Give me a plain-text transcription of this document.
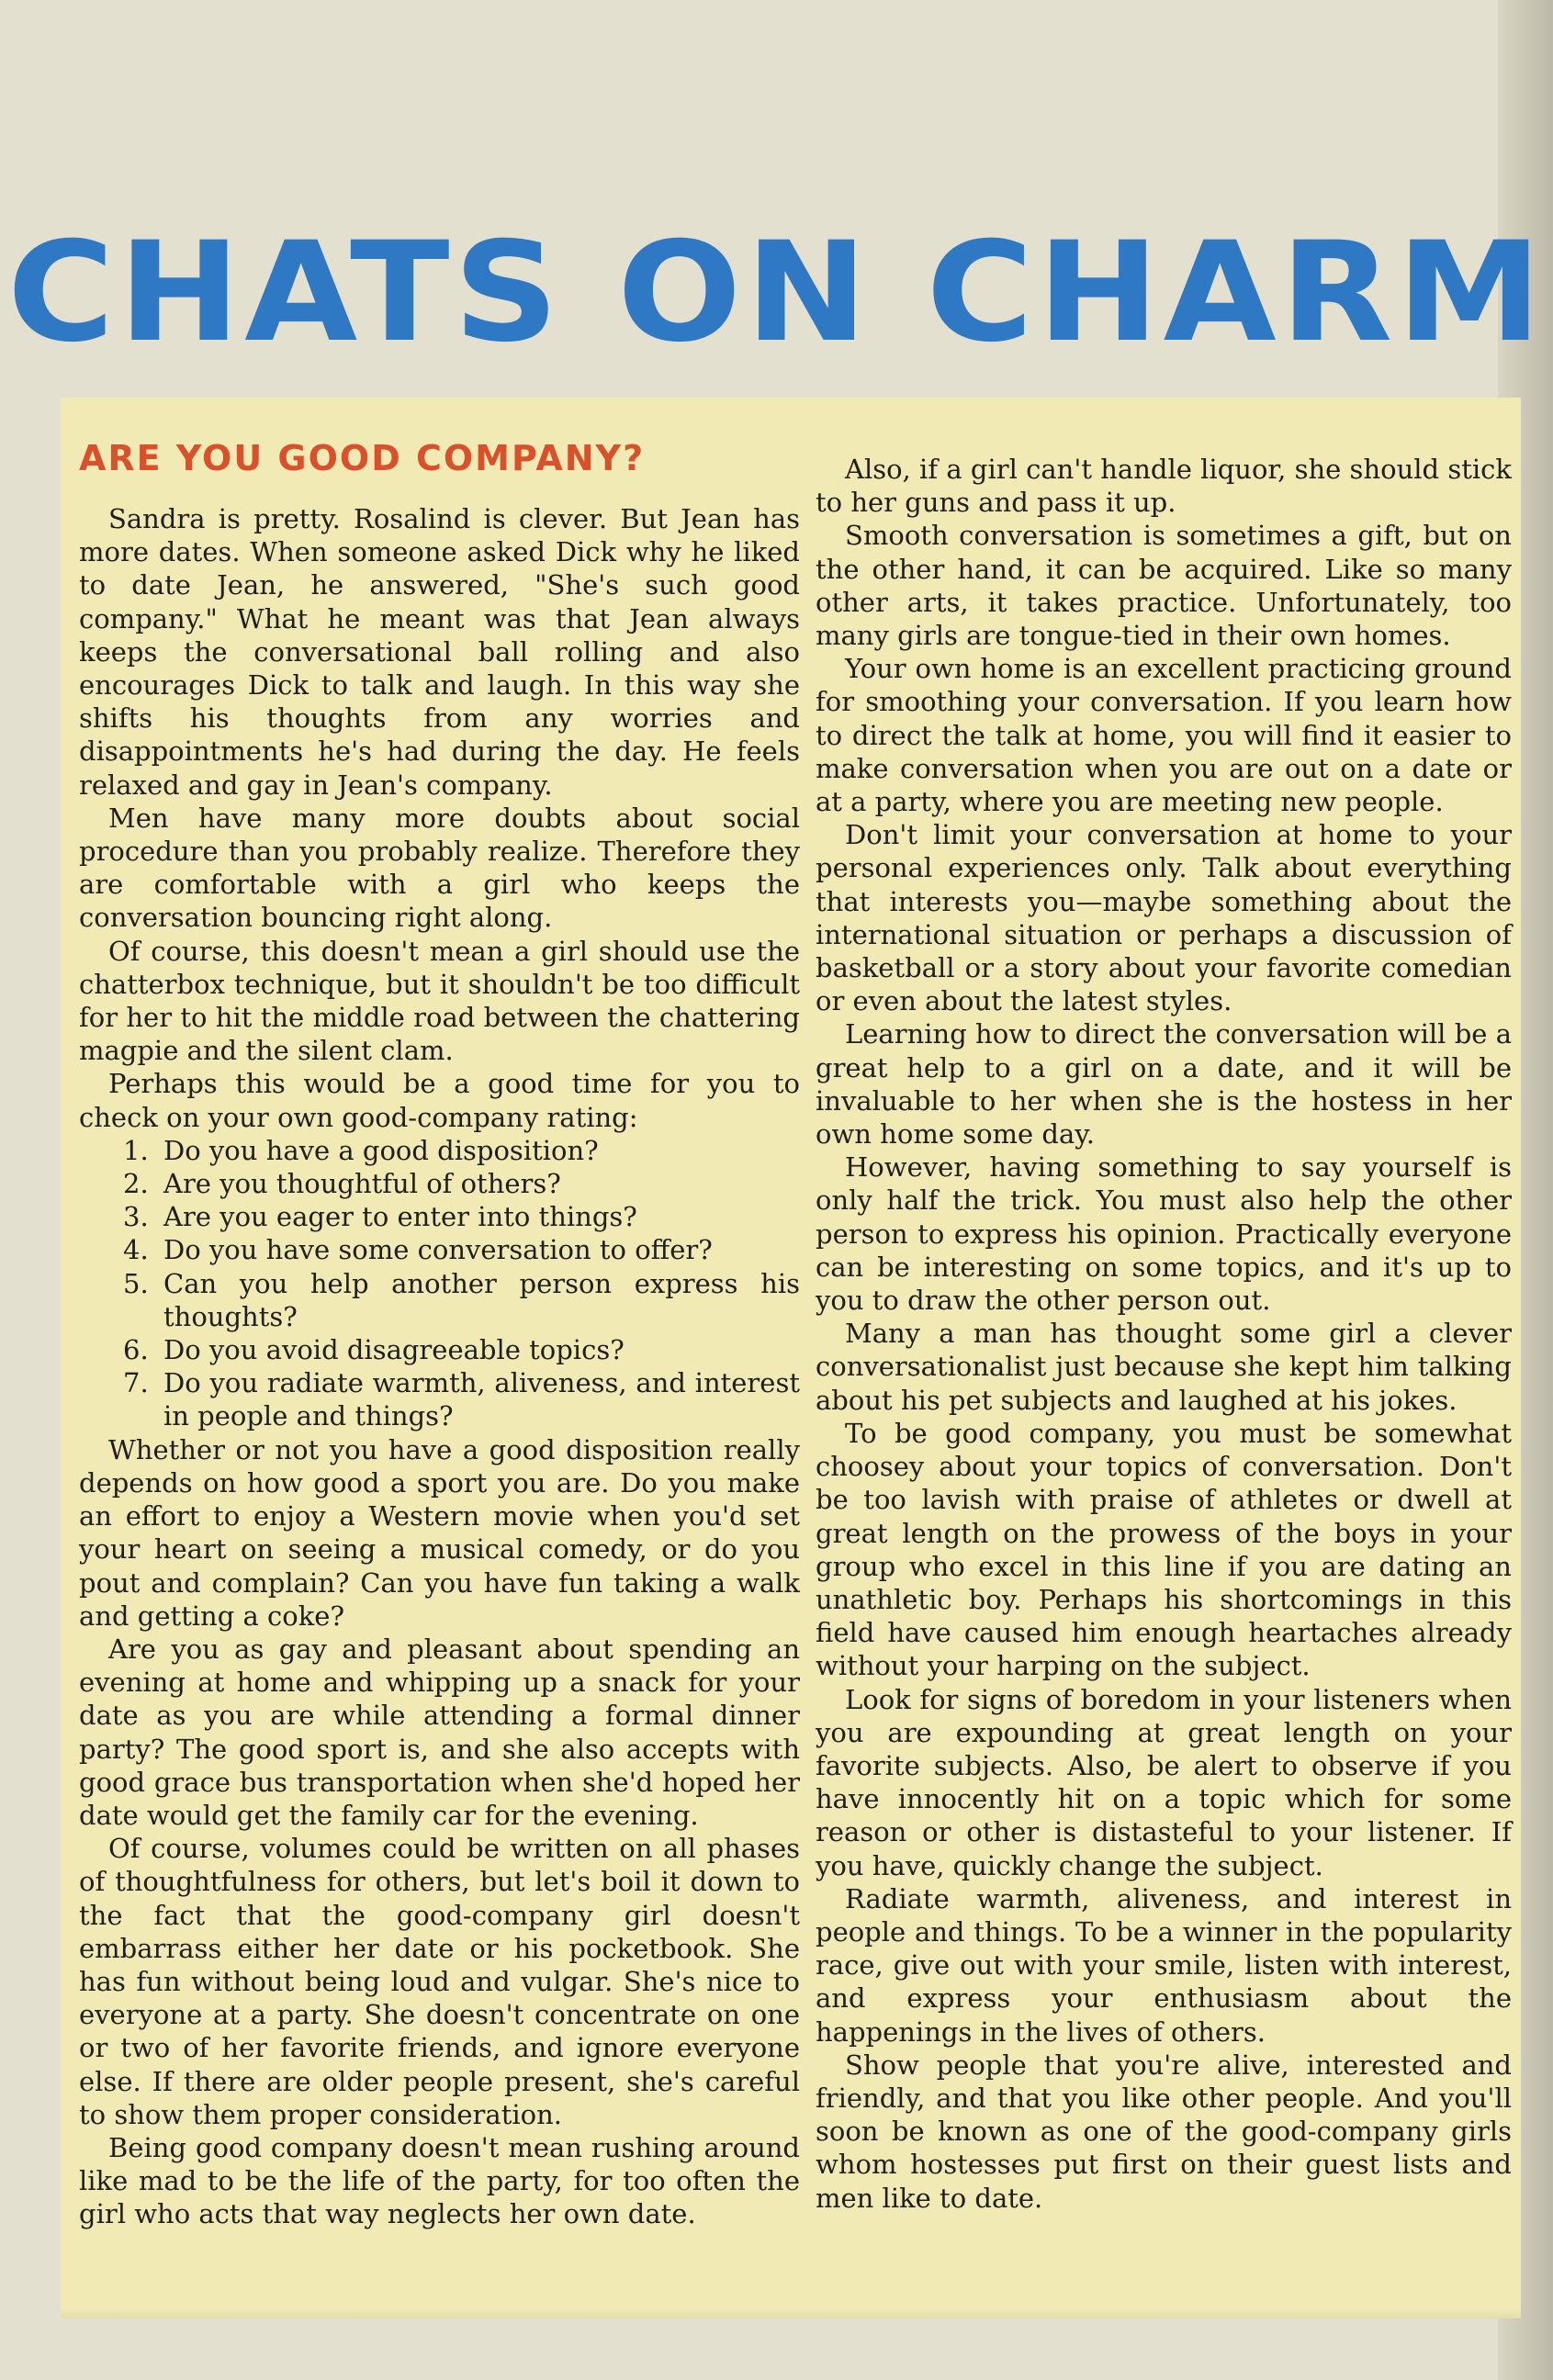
CHATS ON CHARM
ARE YOU GOOD COMPANY?

Sandra is pretty. Rosalind is clever. But Jean has more dates. When someone asked Dick why he liked to date Jean, he answered, "She's such good company." What he meant was that Jean always keeps the conversational ball rolling and also encourages Dick to talk and laugh. In this way she shifts his thoughts from any worries and disappointments he's had during the day. He feels relaxed and gay in Jean's company.

Men have many more doubts about social procedure than you probably realize. Therefore they are comfortable with a girl who keeps the conversation bouncing right along.

Of course, this doesn't mean a girl should use the chatterbox technique, but it shouldn't be too difficult for her to hit the middle road between the chattering magpie and the silent clam.

Perhaps this would be a good time for you to check on your own good-company rating:

1. Do you have a good disposition?
2. Are you thoughtful of others?
3. Are you eager to enter into things?
4. Do you have some conversation to offer?
5. Can you help another person express his thoughts?
6. Do you avoid disagreeable topics?
7. Do you radiate warmth, aliveness, and interest in people and things?

Whether or not you have a good disposition really depends on how good a sport you are. Do you make an effort to enjoy a Western movie when you'd set your heart on seeing a musical comedy, or do you pout and complain? Can you have fun taking a walk and getting a coke?

Are you as gay and pleasant about spending an evening at home and whipping up a snack for your date as you are while attending a formal dinner party? The good sport is, and she also accepts with good grace bus transportation when she'd hoped her date would get the family car for the evening.

Of course, volumes could be written on all phases of thoughtfulness for others, but let's boil it down to the fact that the good-company girl doesn't embarrass either her date or his pocketbook. She has fun without being loud and vulgar. She's nice to everyone at a party. She doesn't concentrate on one or two of her favorite friends, and ignore everyone else. If there are older people present, she's careful to show them proper consideration.

Being good company doesn't mean rushing around like mad to be the life of the party, for too often the girl who acts that way neglects her own date.

Also, if a girl can't handle liquor, she should stick to her guns and pass it up.

Smooth conversation is sometimes a gift, but on the other hand, it can be acquired. Like so many other arts, it takes practice. Unfortunately, too many girls are tongue-tied in their own homes.

Your own home is an excellent practicing ground for smoothing your conversation. If you learn how to direct the talk at home, you will find it easier to make conversation when you are out on a date or at a party, where you are meeting new people.

Don't limit your conversation at home to your personal experiences only. Talk about everything that interests you—maybe something about the international situation or perhaps a discussion of basketball or a story about your favorite comedian or even about the latest styles.

Learning how to direct the conversation will be a great help to a girl on a date, and it will be invaluable to her when she is the hostess in her own home some day.

However, having something to say yourself is only half the trick. You must also help the other person to express his opinion. Practically everyone can be interesting on some topics, and it's up to you to draw the other person out.

Many a man has thought some girl a clever conversationalist just because she kept him talking about his pet subjects and laughed at his jokes.

To be good company, you must be somewhat choosey about your topics of conversation. Don't be too lavish with praise of athletes or dwell at great length on the prowess of the boys in your group who excel in this line if you are dating an unathletic boy. Perhaps his shortcomings in this field have caused him enough heartaches already without your harping on the subject.

Look for signs of boredom in your listeners when you are expounding at great length on your favorite subjects. Also, be alert to observe if you have innocently hit on a topic which for some reason or other is distasteful to your listener. If you have, quickly change the subject.

Radiate warmth, aliveness, and interest in people and things. To be a winner in the popularity race, give out with your smile, listen with interest, and express your enthusiasm about the happenings in the lives of others.

Show people that you're alive, interested and friendly, and that you like other people. And you'll soon be known as one of the good-company girls whom hostesses put first on their guest lists and men like to date.
